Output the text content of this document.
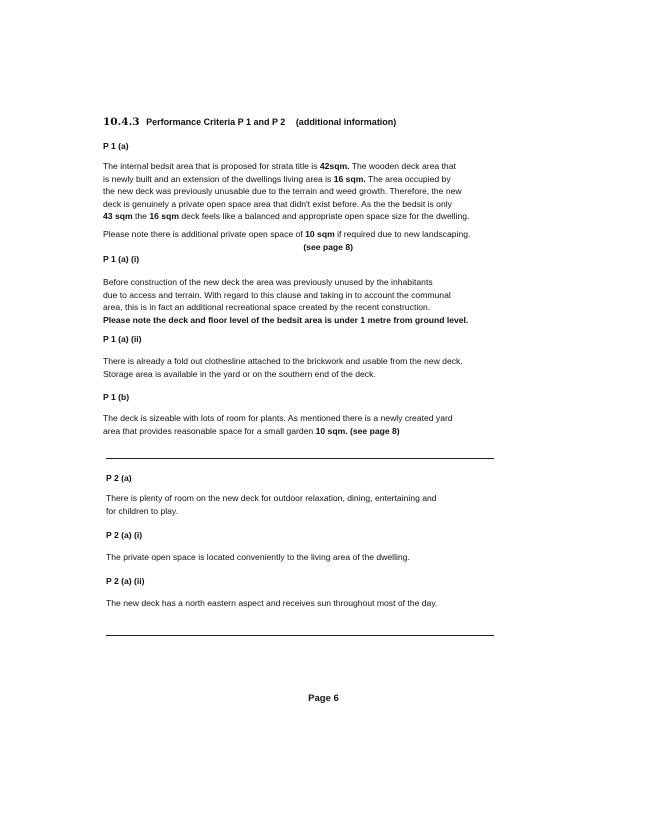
10.4.3 Performance Criteria P 1 and P 2 (additional information)
P 1 (a)
The internal bedsit area that is proposed for strata title is 42sqm. The wooden deck area that
is newly built and an extension of the dwellings living area is 16 sqm. The area occupied by
the new deck was previously unusable due to the terrain and weed growth. Therefore, the new
deck is genuinely a private open space area that didn't exist before. As the the bedsit is only
43 sqm the 16 sqm deck feels like a balanced and appropriate open space size for the dwelling.
Please note there is additional private open space of 10 sqm if required due to new landscaping.
(see page 8)
P 1 (a) (i)
Before construction of the new deck the area was previously unused by the inhabitants
due to access and terrain. With regard to this clause and taking in to account the communal
area, this is in fact an additional recreational space created by the recent construction.
Please note the deck and floor level of the bedsit area is under 1 metre from ground level.
P 1 (a) (ii)
There is already a fold out clothesline attached to the brickwork and usable from the new deck.
Storage area is available in the yard or on the southern end of the deck.
P 1 (b)
The deck is sizeable with lots of room for plants. As mentioned there is a newly created yard
area that provides reasonable space for a small garden 10 sqm. (see page 8)
P 2 (a)
There is plenty of room on the new deck for outdoor relaxation, dining, entertaining and
for children to play.
P 2 (a) (i)
The private open space is located conveniently to the living area of the dwelling.
P 2 (a) (ii)
The new deck has a north eastern aspect and receives sun throughout most of the day.
Page 6
